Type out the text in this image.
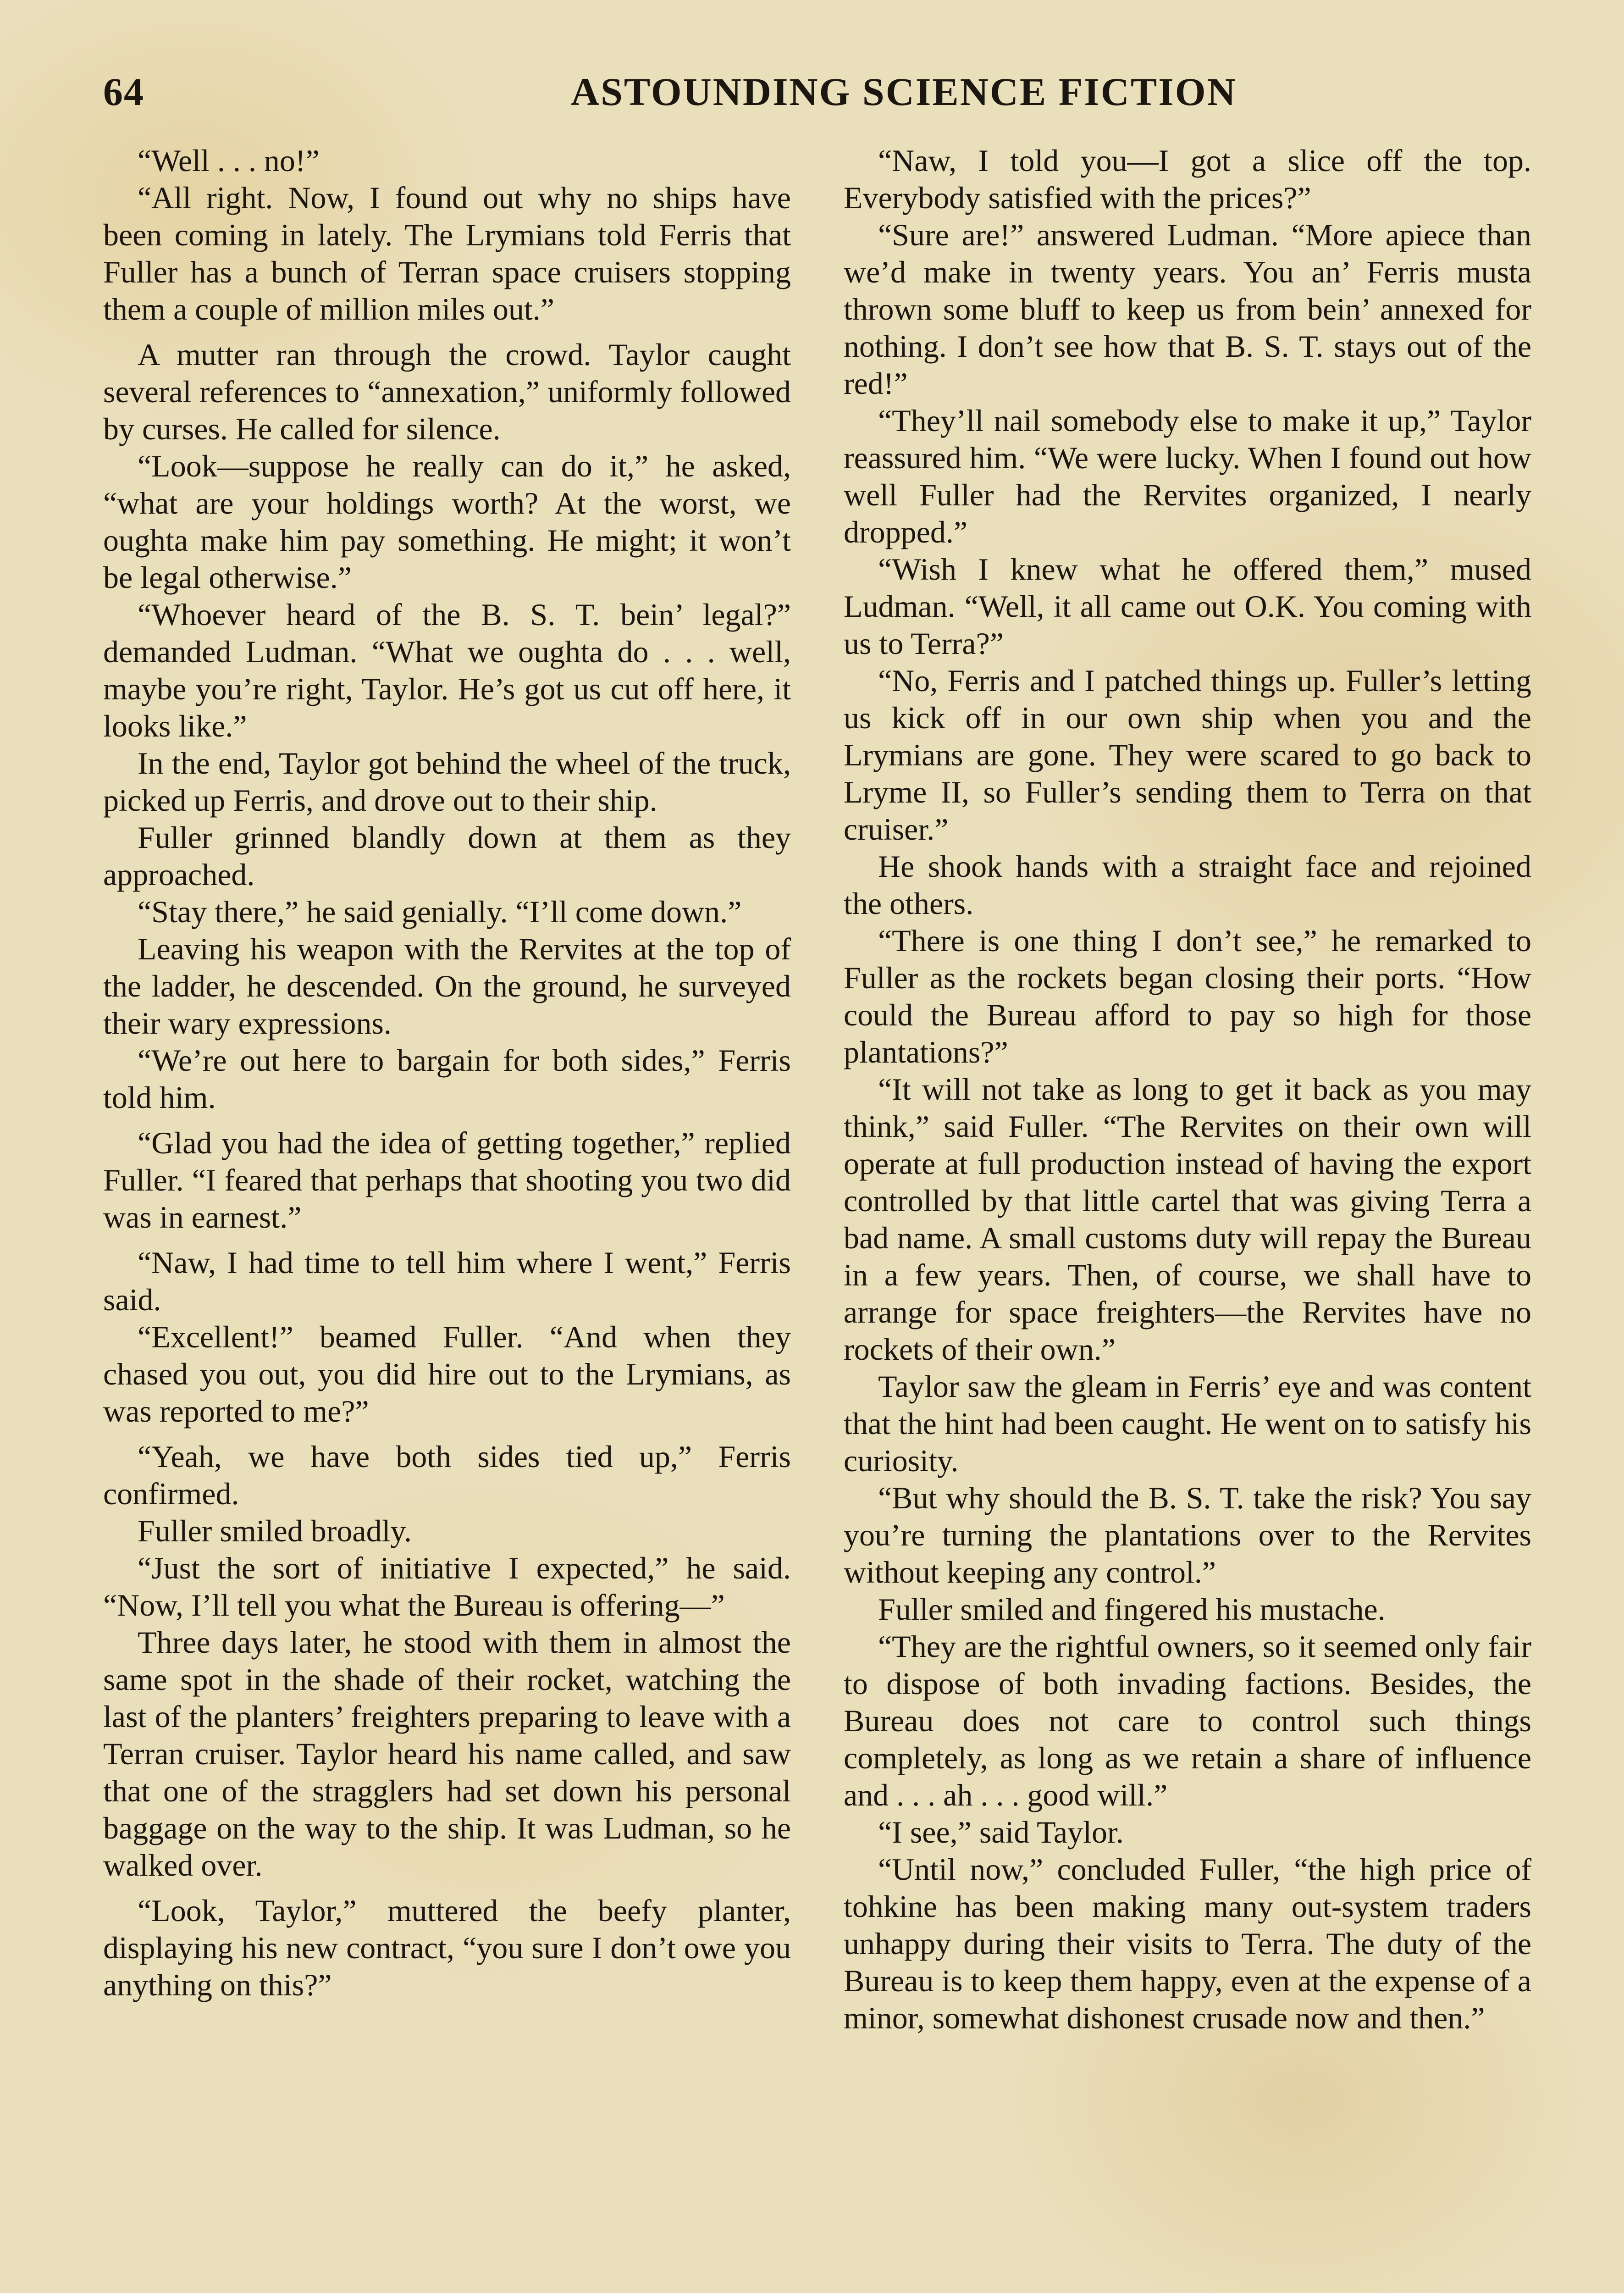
64	ASTOUNDING SCIENCE FICTION

“Well . . . no!”

“All right. Now, I found out why no ships have been coming in lately. The Lrymians told Ferris that Fuller has a bunch of Terran space cruisers stopping them a couple of million miles out.”

A mutter ran through the crowd. Taylor caught several references to “annexation,” uniformly followed by curses. He called for silence.

“Look—suppose he really can do it,” he asked, “what are your holdings worth? At the worst, we oughta make him pay something. He might; it won’t be legal otherwise.”

“Whoever heard of the B. S. T. bein’ legal?” demanded Ludman. “What we oughta do . . . well, maybe you’re right, Taylor. He’s got us cut off here, it looks like.”

In the end, Taylor got behind the wheel of the truck, picked up Ferris, and drove out to their ship.

Fuller grinned blandly down at them as they approached.

“Stay there,” he said genially. “I’ll come down.”

Leaving his weapon with the Rervites at the top of the ladder, he descended. On the ground, he surveyed their wary expressions.

“We’re out here to bargain for both sides,” Ferris told him.

“Glad you had the idea of getting together,” replied Fuller. “I feared that perhaps that shooting you two did was in earnest.”

“Naw, I had time to tell him where I went,” Ferris said.

“Excellent!” beamed Fuller. “And when they chased you out, you did hire out to the Lrymians, as was reported to me?”

“Yeah, we have both sides tied up,” Ferris confirmed.

Fuller smiled broadly.

“Just the sort of initiative I expected,” he said. “Now, I’ll tell you what the Bureau is offering—”

Three days later, he stood with them in almost the same spot in the shade of their rocket, watching the last of the planters’ freighters preparing to leave with a Terran cruiser. Taylor heard his name called, and saw that one of the stragglers had set down his personal baggage on the way to the ship. It was Ludman, so he walked over.

“Look, Taylor,” muttered the beefy planter, displaying his new contract, “you sure I don’t owe you anything on this?”

“Naw, I told you—I got a slice off the top. Everybody satisfied with the prices?”

“Sure are!” answered Ludman. “More apiece than we’d make in twenty years. You an’ Ferris musta thrown some bluff to keep us from bein’ annexed for nothing. I don’t see how that B. S. T. stays out of the red!”

“They’ll nail somebody else to make it up,” Taylor reassured him. “We were lucky. When I found out how well Fuller had the Rervites organized, I nearly dropped.”

“Wish I knew what he offered them,” mused Ludman. “Well, it all came out O.K. You coming with us to Terra?”

“No, Ferris and I patched things up. Fuller’s letting us kick off in our own ship when you and the Lrymians are gone. They were scared to go back to Lryme II, so Fuller’s sending them to Terra on that cruiser.”

He shook hands with a straight face and rejoined the others.

“There is one thing I don’t see,” he remarked to Fuller as the rockets began closing their ports. “How could the Bureau afford to pay so high for those plantations?”

“It will not take as long to get it back as you may think,” said Fuller. “The Rervites on their own will operate at full production instead of having the export controlled by that little cartel that was giving Terra a bad name. A small customs duty will repay the Bureau in a few years. Then, of course, we shall have to arrange for space freighters—the Rervites have no rockets of their own.”

Taylor saw the gleam in Ferris’ eye and was content that the hint had been caught. He went on to satisfy his curiosity.

“But why should the B. S. T. take the risk? You say you’re turning the plantations over to the Rervites without keeping any control.”

Fuller smiled and fingered his mustache.

“They are the rightful owners, so it seemed only fair to dispose of both invading factions. Besides, the Bureau does not care to control such things completely, as long as we retain a share of influence and . . . ah . . . good will.”

“I see,” said Taylor.

“Until now,” concluded Fuller, “the high price of tohkine has been making many out-system traders unhappy during their visits to Terra. The duty of the Bureau is to keep them happy, even at the expense of a minor, somewhat dishonest crusade now and then.”
